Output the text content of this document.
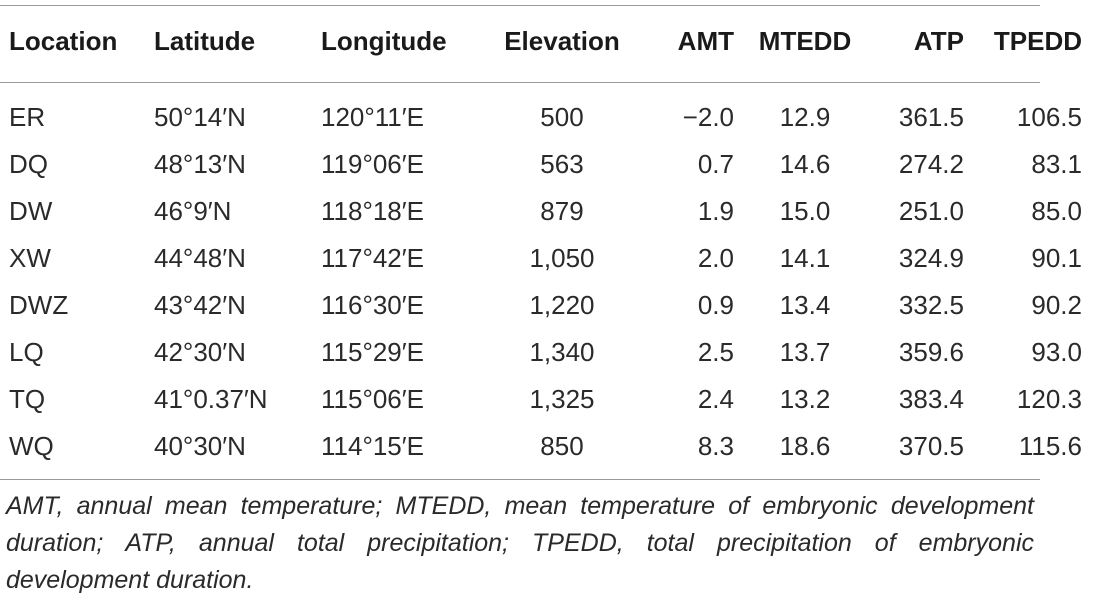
Location	Latitude	Longitude	Elevation	AMT	MTEDD	ATP	TPEDD
ER	50°14′N	120°11′E	500	−2.0	12.9	361.5	106.5
DQ	48°13′N	119°06′E	563	0.7	14.6	274.2	83.1
DW	46°9′N	118°18′E	879	1.9	15.0	251.0	85.0
XW	44°48′N	117°42′E	1,050	2.0	14.1	324.9	90.1
DWZ	43°42′N	116°30′E	1,220	0.9	13.4	332.5	90.2
LQ	42°30′N	115°29′E	1,340	2.5	13.7	359.6	93.0
TQ	41°0.37′N	115°06′E	1,325	2.4	13.2	383.4	120.3
WQ	40°30′N	114°15′E	850	8.3	18.6	370.5	115.6
AMT, annual mean temperature; MTEDD, mean temperature of embryonic development duration; ATP, annual total precipitation; TPEDD, total precipitation of embryonic development duration.
